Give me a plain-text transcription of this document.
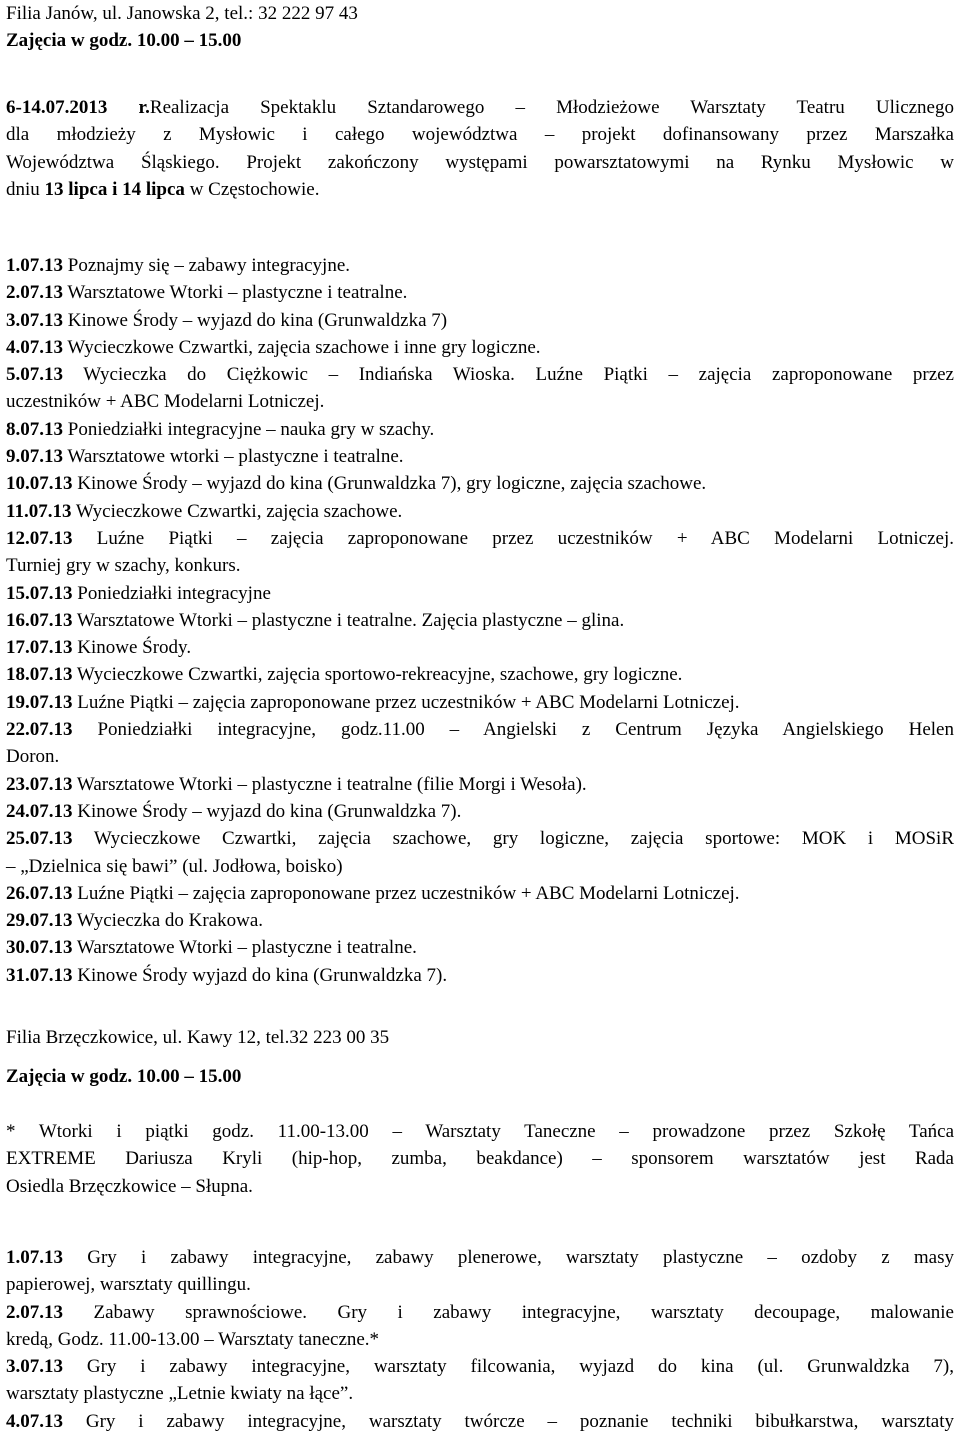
Filia Janów, ul. Janowska 2, tel.: 32 222 97 43
Zajęcia w godz. 10.00 – 15.00
6-14.07.2013 r.Realizacja Spektaklu Sztandarowego – Młodzieżowe Warsztaty Teatru Ulicznego
dla młodzieży z Mysłowic i całego województwa – projekt dofinansowany przez Marszałka
Województwa Śląskiego. Projekt zakończony występami powarsztatowymi na Rynku Mysłowic w
dniu 13 lipca i 14 lipca w Częstochowie.
1.07.13 Poznajmy się – zabawy integracyjne.
2.07.13 Warsztatowe Wtorki – plastyczne i teatralne.
3.07.13 Kinowe Środy – wyjazd do kina (Grunwaldzka 7)
4.07.13 Wycieczkowe Czwartki, zajęcia szachowe i inne gry logiczne.
5.07.13 Wycieczka do Ciężkowic – Indiańska Wioska. Luźne Piątki – zajęcia zaproponowane przez
uczestników + ABC Modelarni Lotniczej.
8.07.13 Poniedziałki integracyjne – nauka gry w szachy.
9.07.13 Warsztatowe wtorki – plastyczne i teatralne.
10.07.13 Kinowe Środy – wyjazd do kina (Grunwaldzka 7), gry logiczne, zajęcia szachowe.
11.07.13 Wycieczkowe Czwartki, zajęcia szachowe.
12.07.13 Luźne Piątki – zajęcia zaproponowane przez uczestników + ABC Modelarni Lotniczej.
Turniej gry w szachy, konkurs.
15.07.13 Poniedziałki integracyjne
16.07.13 Warsztatowe Wtorki – plastyczne i teatralne. Zajęcia plastyczne – glina.
17.07.13 Kinowe Środy.
18.07.13 Wycieczkowe Czwartki, zajęcia sportowo-rekreacyjne, szachowe, gry logiczne.
19.07.13 Luźne Piątki – zajęcia zaproponowane przez uczestników + ABC Modelarni Lotniczej.
22.07.13 Poniedziałki integracyjne, godz.11.00 – Angielski z Centrum Języka Angielskiego Helen
Doron.
23.07.13 Warsztatowe Wtorki – plastyczne i teatralne (filie Morgi i Wesoła).
24.07.13 Kinowe Środy – wyjazd do kina (Grunwaldzka 7).
25.07.13 Wycieczkowe Czwartki, zajęcia szachowe, gry logiczne, zajęcia sportowe: MOK i MOSiR
– „Dzielnica się bawi” (ul. Jodłowa, boisko)
26.07.13 Luźne Piątki – zajęcia zaproponowane przez uczestników + ABC Modelarni Lotniczej.
29.07.13 Wycieczka do Krakowa.
30.07.13 Warsztatowe Wtorki – plastyczne i teatralne.
31.07.13 Kinowe Środy wyjazd do kina (Grunwaldzka 7).
Filia Brzęczkowice, ul. Kawy 12, tel.32 223 00 35
Zajęcia w godz. 10.00 – 15.00
* Wtorki i piątki godz. 11.00-13.00 – Warsztaty Taneczne – prowadzone przez Szkołę Tańca
EXTREME Dariusza Kryli (hip-hop, zumba, beakdance) – sponsorem warsztatów jest Rada
Osiedla Brzęczkowice – Słupna.
1.07.13 Gry i zabawy integracyjne, zabawy plenerowe, warsztaty plastyczne – ozdoby z masy
papierowej, warsztaty quillingu.
2.07.13 Zabawy sprawnościowe. Gry i zabawy integracyjne, warsztaty decoupage, malowanie
kredą, Godz. 11.00-13.00 – Warsztaty taneczne.*
3.07.13 Gry i zabawy integracyjne, warsztaty filcowania, wyjazd do kina (ul. Grunwaldzka 7),
warsztaty plastyczne „Letnie kwiaty na łące”.
4.07.13 Gry i zabawy integracyjne, warsztaty twórcze – poznanie techniki bibułkarstwa, warsztaty
